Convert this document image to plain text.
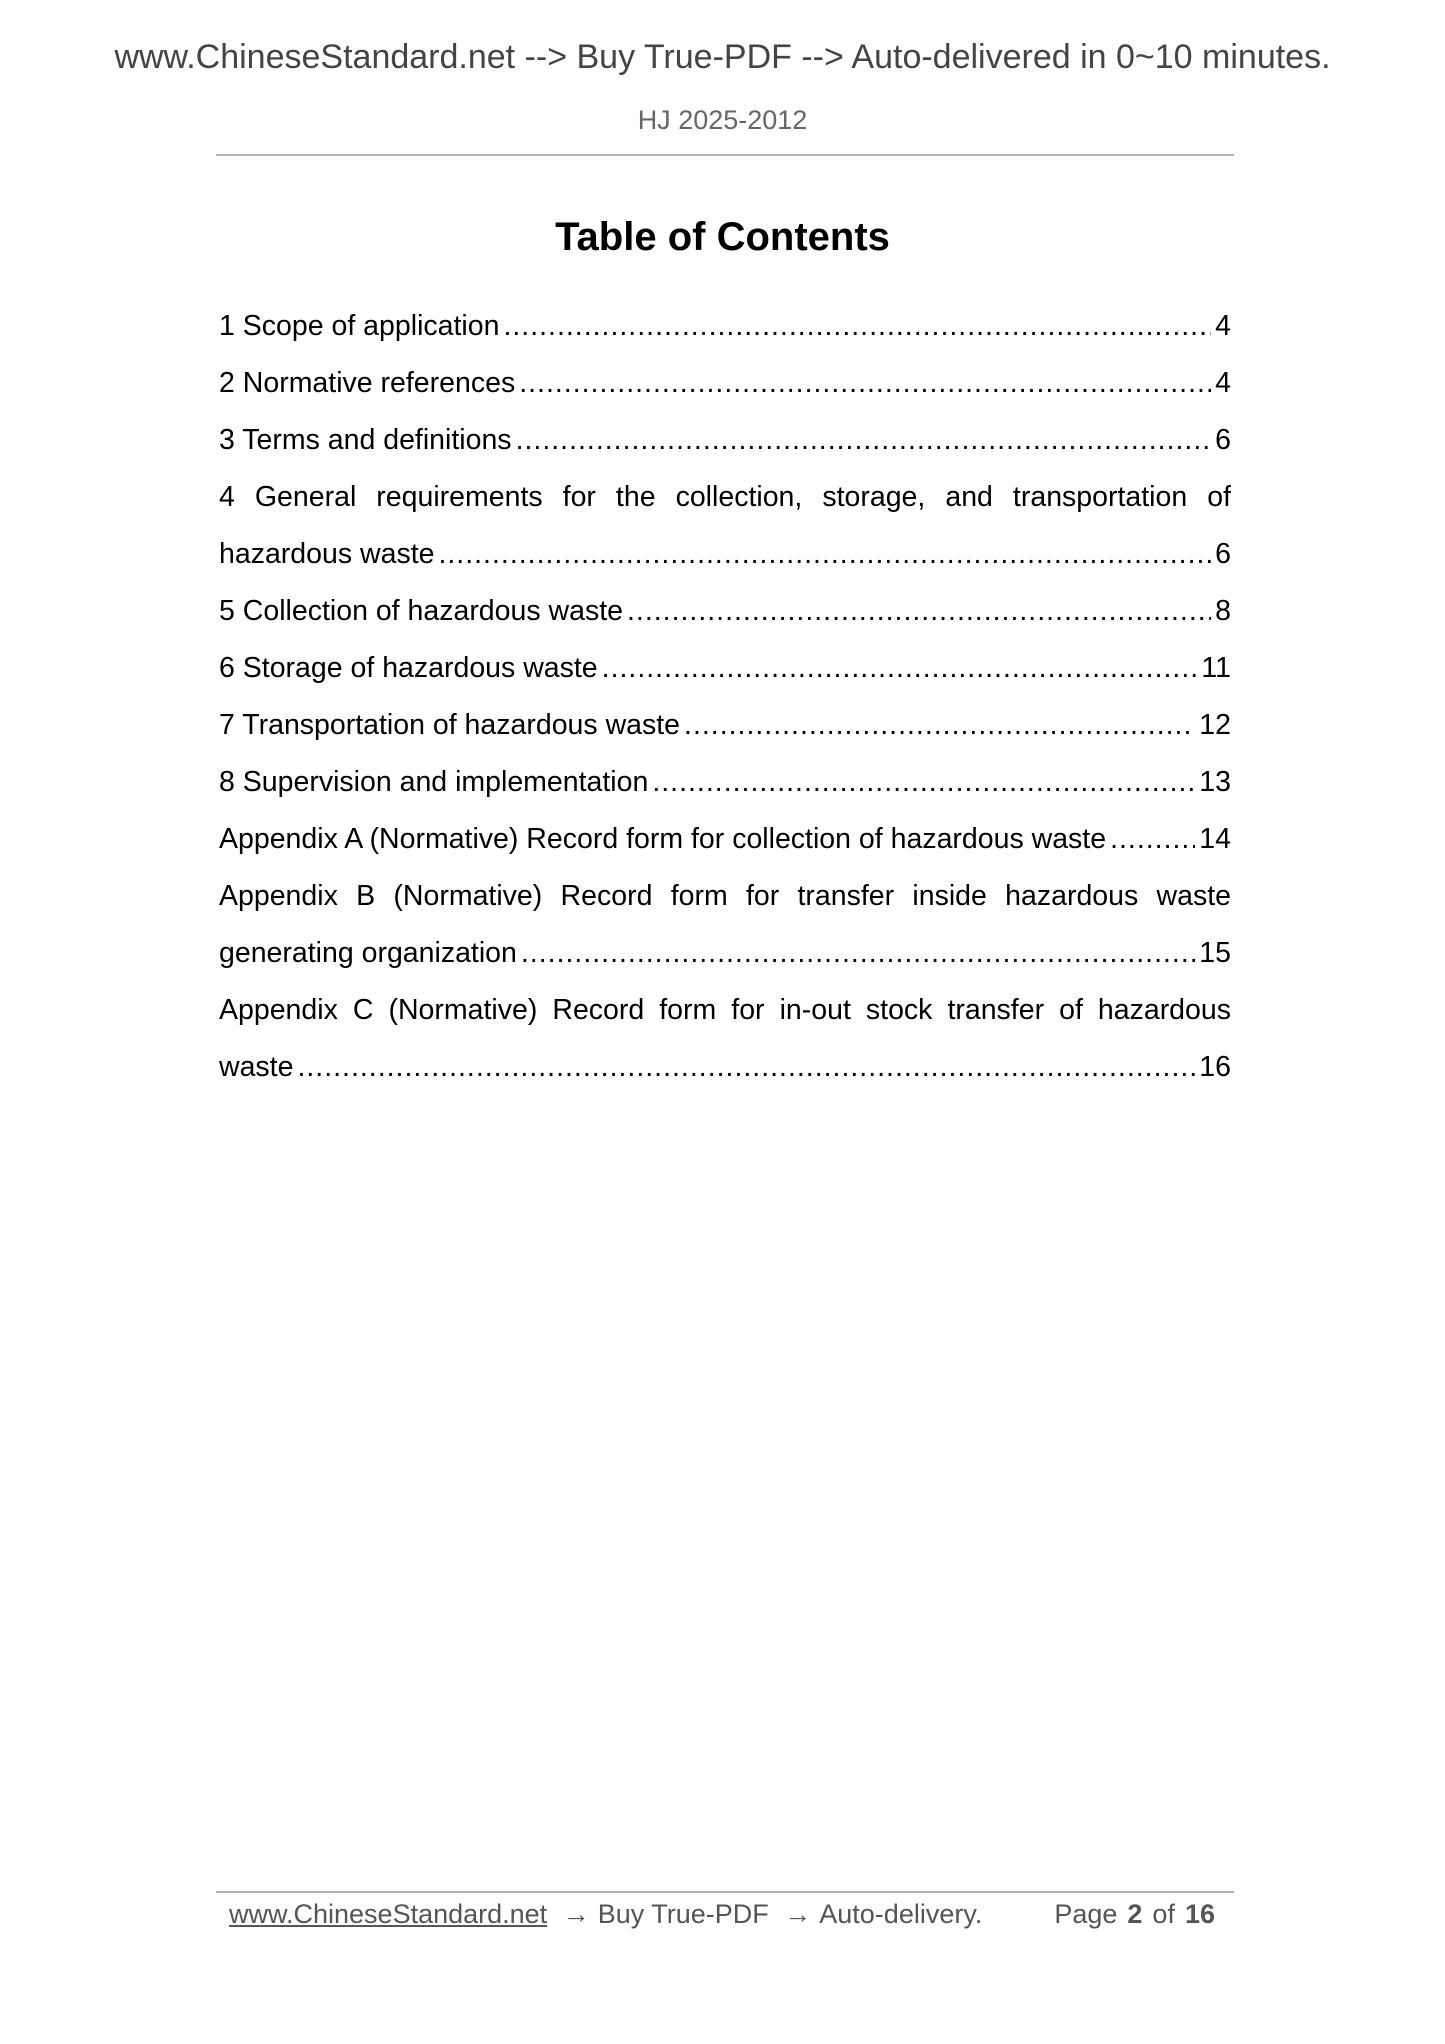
www.ChineseStandard.net --> Buy True-PDF --> Auto-delivered in 0~10 minutes.
HJ 2025-2012
Table of Contents
1 Scope of application .....	4
2 Normative references .....	4
3 Terms and definitions .....	6
4 General requirements for the collection, storage, and transportation of
hazardous waste .....	6
5 Collection of hazardous waste .....	8
6 Storage of hazardous waste .....	11
7 Transportation of hazardous waste .....	12
8 Supervision and implementation .....	13
Appendix A (Normative) Record form for collection of hazardous waste .....	14
Appendix B (Normative) Record form for transfer inside hazardous waste
generating organization .....	15
Appendix C (Normative) Record form for in-out stock transfer of hazardous
waste .....	16
www.ChineseStandard.net → Buy True-PDF → Auto-delivery.	Page 2 of 16
